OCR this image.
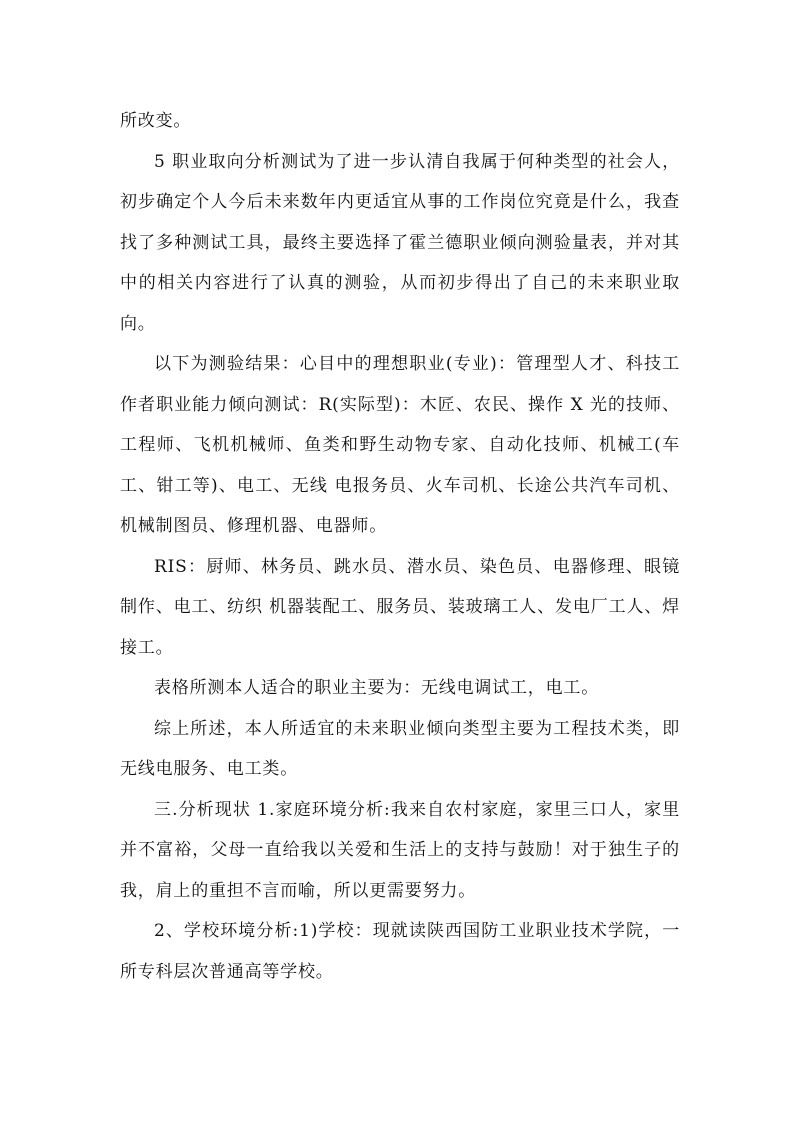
所改变。

5 职业取向分析测试为了进一步认清自我属于何种类型的社会人，初步确定个人今后未来数年内更适宜从事的工作岗位究竟是什么，我查找了多种测试工具，最终主要选择了霍兰德职业倾向测验量表，并对其中的相关内容进行了认真的测验，从而初步得出了自己的未来职业取向。

以下为测验结果：心目中的理想职业(专业)：管理型人才、科技工作者职业能力倾向测试：R(实际型)：木匠、农民、操作 X 光的技师、工程师、飞机机械师、鱼类和野生动物专家、自动化技师、机械工(车工、钳工等)、电工、无线 电报务员、火车司机、长途公共汽车司机、机械制图员、修理机器、电器师。

RIS：厨师、林务员、跳水员、潜水员、染色员、电器修理、眼镜制作、电工、纺织 机器装配工、服务员、装玻璃工人、发电厂工人、焊接工。

表格所测本人适合的职业主要为：无线电调试工，电工。

综上所述，本人所适宜的未来职业倾向类型主要为工程技术类，即无线电服务、电工类。

三.分析现状 1.家庭环境分析:我来自农村家庭，家里三口人，家里并不富裕，父母一直给我以关爱和生活上的支持与鼓励！对于独生子的我，肩上的重担不言而喻，所以更需要努力。

2、学校环境分析:1)学校：现就读陕西国防工业职业技术学院，一所专科层次普通高等学校。
